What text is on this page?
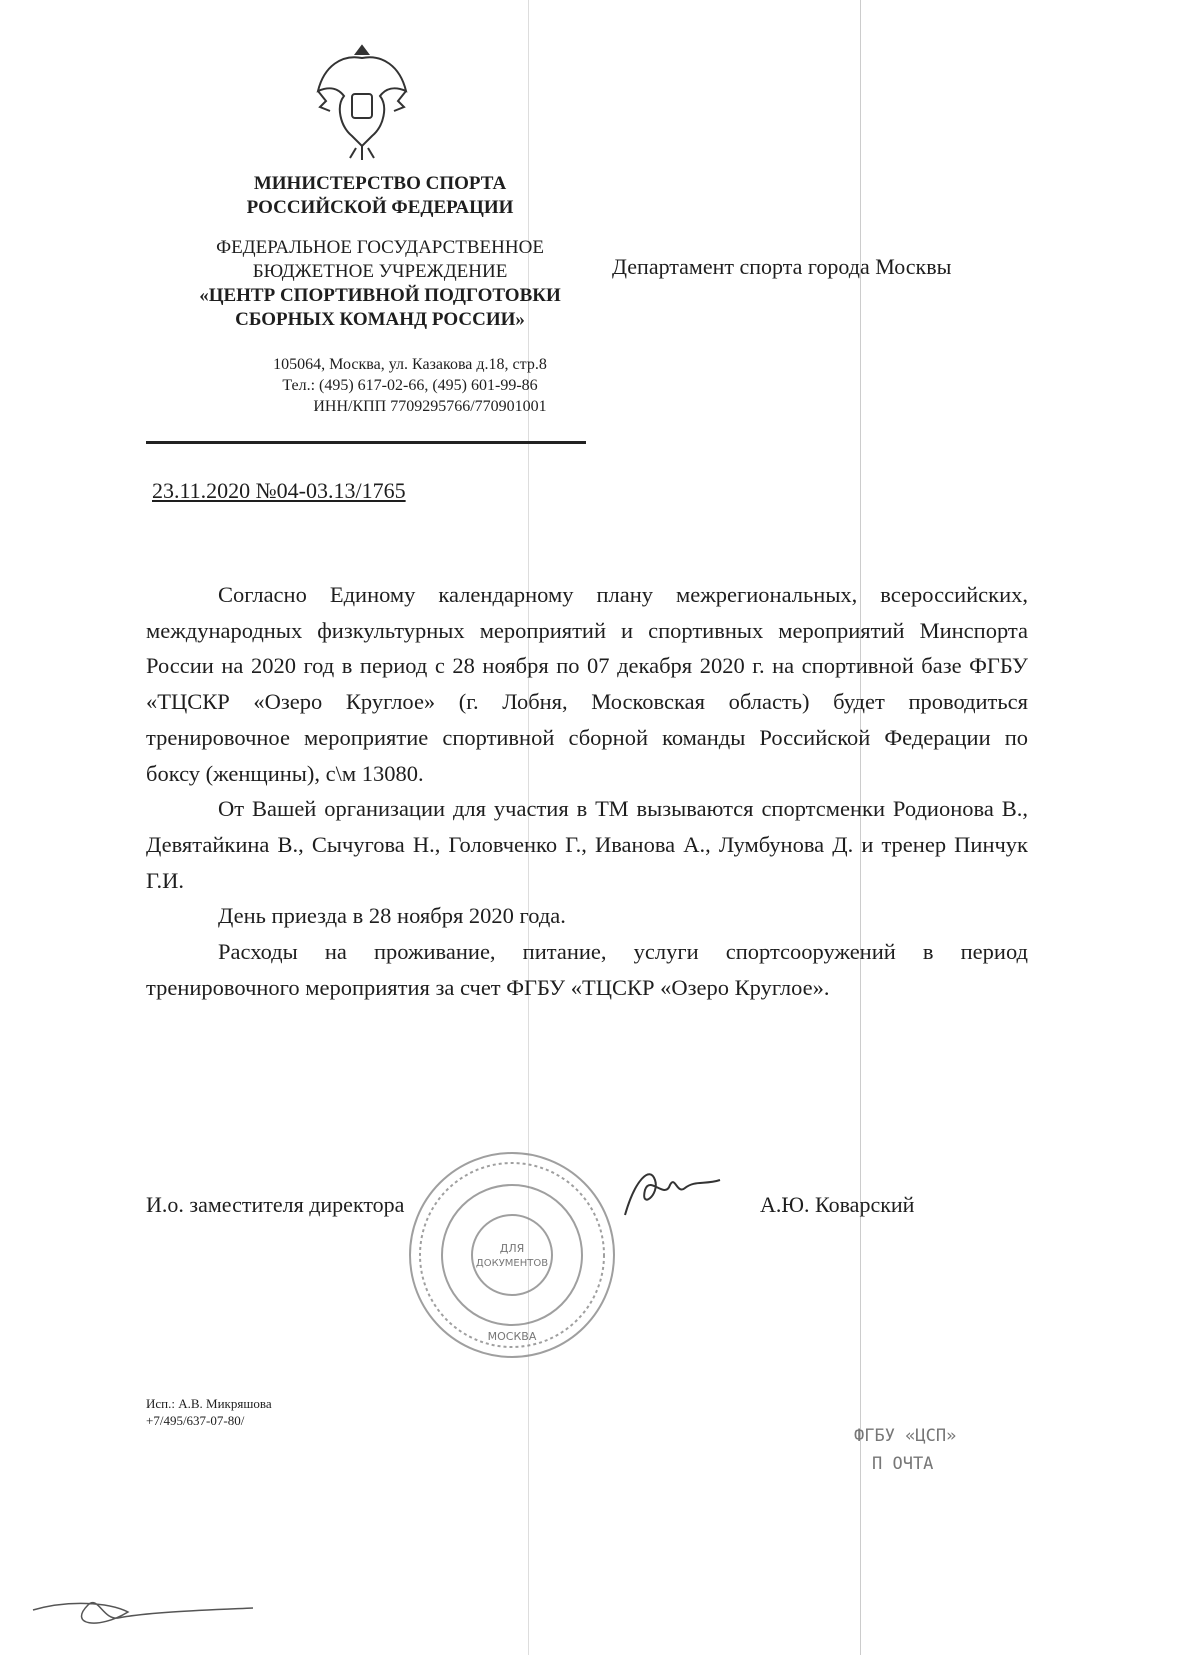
МИНИСТЕРСТВО СПОРТА
РОССИЙСКОЙ ФЕДЕРАЦИИ
ФЕДЕРАЛЬНОЕ ГОСУДАРСТВЕННОЕ
БЮДЖЕТНОЕ УЧРЕЖДЕНИЕ
«ЦЕНТР СПОРТИВНОЙ ПОДГОТОВКИ
СБОРНЫХ КОМАНД РОССИИ»
105064, Москва, ул. Казакова д.18, стр.8
Тел.: (495) 617-02-66, (495) 601-99-86
ИНН/КПП 7709295766/770901001
23.11.2020 №04-03.13/1765
Департамент спорта города Москвы

Согласно Единому календарному плану межрегиональных, всероссийских, международных физкультурных мероприятий и спортивных мероприятий Минспорта России на 2020 год в период с 28 ноября по 07 декабря 2020 г. на спортивной базе ФГБУ «ТЦСКР «Озеро Круглое» (г. Лобня, Московская область) будет проводиться тренировочное мероприятие спортивной сборной команды Российской Федерации по боксу (женщины), с\м 13080.

От Вашей организации для участия в ТМ вызываются спортсменки Родионова В., Девятайкина В., Сычугова Н., Головченко Г., Иванова А., Лумбунова Д. и тренер Пинчук Г.И.

День приезда в 28 ноября 2020 года.

Расходы на проживание, питание, услуги спортсооружений в период тренировочного мероприятия за счет ФГБУ «ТЦСКР «Озеро Круглое».

ДЛЯ
ДОКУМЕНТОВ
МОСКВА
И.о. заместителя директора	А.Ю. Коварский
Исп.: А.В. Микряшова
+7/495/637-07-80/
ФГБУ «ЦСП»
П ОЧТА
